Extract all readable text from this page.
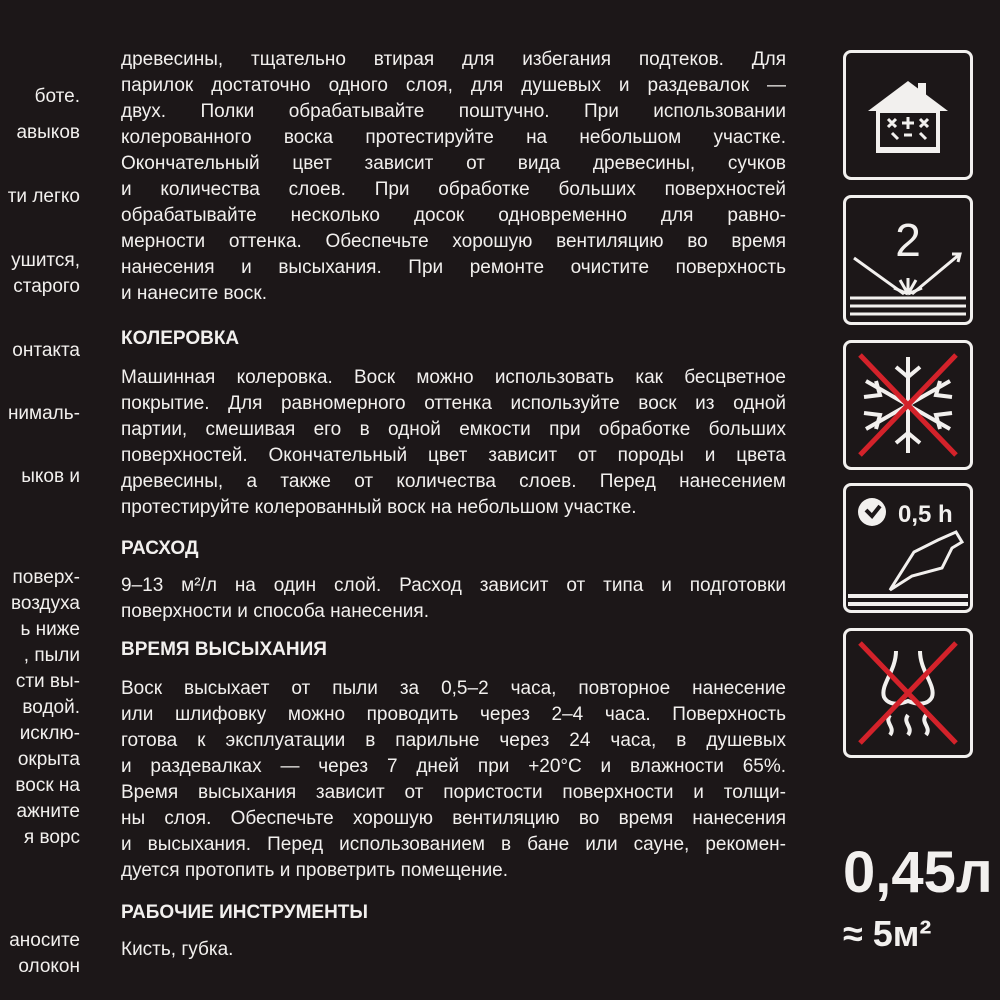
боте.
авыков
ти легко
ушится,
старого
онтакта
нималь-
ыков и
поверх-
воздуха
ь ниже
, пыли
сти вы-
водой.
исклю-
окрыта
воск на
ажните
я ворс
аносите
олокон
древесины, тщательно втирая для избегания подтеков. Для
парилок достаточно одного слоя, для душевых и раздевалок —
двух. Полки обрабатывайте поштучно. При использовании
колерованного воска протестируйте на небольшом участке.
Окончательный цвет зависит от вида древесины, сучков
и количества слоев. При обработке больших поверхностей
обрабатывайте несколько досок одновременно для равно-
мерности оттенка. Обеспечьте хорошую вентиляцию во время
нанесения и высыхания. При ремонте очистите поверхность
и нанесите воск.
КОЛЕРОВКА
Машинная колеровка. Воск можно использовать как бесцветное
покрытие. Для равномерного оттенка используйте воск из одной
партии, смешивая его в одной емкости при обработке больших
поверхностей. Окончательный цвет зависит от породы и цвета
древесины, а также от количества слоев. Перед нанесением
протестируйте колерованный воск на небольшом участке.
РАСХОД
9–13 м²/л на один слой. Расход зависит от типа и подготовки
поверхности и способа нанесения.
ВРЕМЯ ВЫСЫХАНИЯ
Воск высыхает от пыли за 0,5–2 часа, повторное нанесение
или шлифовку можно проводить через 2–4 часа. Поверхность
готова к эксплуатации в парильне через 24 часа, в душевых
и раздевалках — через 7 дней при +20°С и влажности 65%.
Время высыхания зависит от пористости поверхности и толщи-
ны слоя. Обеспечьте хорошую вентиляцию во время нанесения
и высыхания. Перед использованием в бане или сауне, рекомен-
дуется протопить и проветрить помещение.
РАБОЧИЕ ИНСТРУМЕНТЫ
Кисть, губка.
2
0,5 h
0,45л
≈ 5м²
